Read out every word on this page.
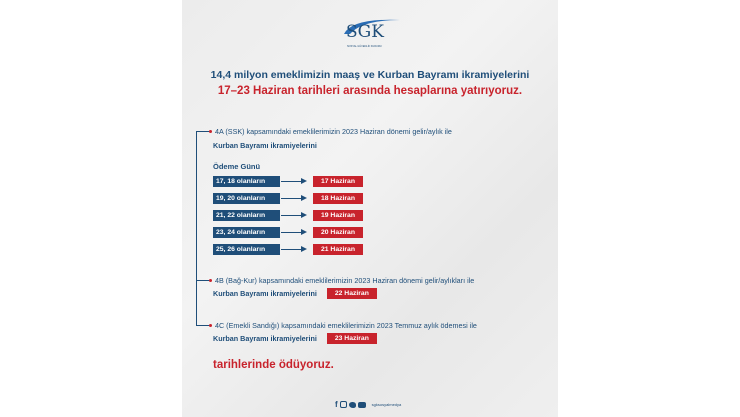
SGK
SOSYAL GÜVENLİK KURUMU
14,4 milyon emeklimizin maaş ve Kurban Bayramı ikramiyelerini
17–23 Haziran tarihleri arasında hesaplarına yatırıyoruz.
4A (SSK) kapsamındaki emeklilerimizin 2023 Haziran dönemi gelir/aylık ile
Kurban Bayramı ikramiyelerini
Ödeme Günü
17, 18 olanların	17 Haziran
19, 20 olanların	18 Haziran
21, 22 olanların	19 Haziran
23, 24 olanların	20 Haziran
25, 26 olanların	21 Haziran
4B (Bağ-Kur) kapsamındaki emeklilerimizin 2023 Haziran dönemi gelir/aylıkları ile
Kurban Bayramı ikramiyelerini	22 Haziran
4C (Emekli Sandığı) kapsamındaki emeklilerimizin 2023 Temmuz aylık ödemesi ile
Kurban Bayramı ikramiyelerini	23 Haziran
tarihlerinde ödüyoruz.
f	sgksosyalmedya
